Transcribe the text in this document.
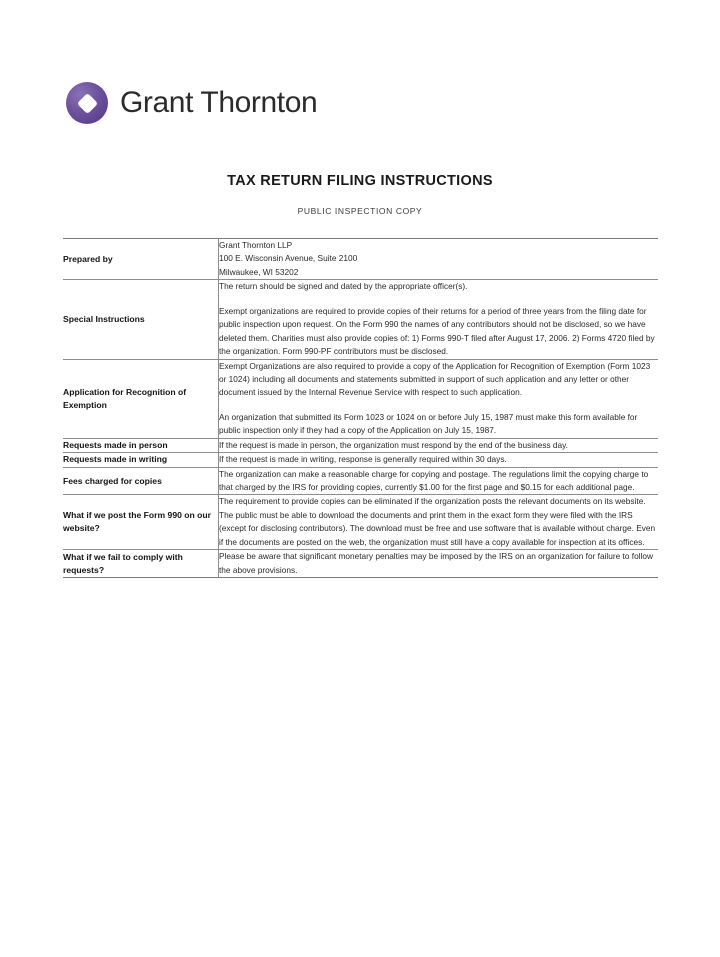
Grant Thornton
TAX RETURN FILING INSTRUCTIONS
PUBLIC INSPECTION COPY
Prepared by	Grant Thornton LLP
100 E. Wisconsin Avenue, Suite 2100
Milwaukee, WI 53202

Special Instructions	The return should be signed and dated by the appropriate officer(s).

Exempt organizations are required to provide copies of their returns for a period of three years from the filing date for public inspection upon request. On the Form 990 the names of any contributors should not be disclosed, so we have deleted them. Charities must also provide copies of: 1) Forms 990-T filed after August 17, 2006. 2) Forms 4720 filed by the organization. Form 990-PF contributors must be disclosed.

Application for Recognition of Exemption	Exempt Organizations are also required to provide a copy of the Application for Recognition of Exemption (Form 1023 or 1024) including all documents and statements submitted in support of such application and any letter or other document issued by the Internal Revenue Service with respect to such application.

An organization that submitted its Form 1023 or 1024 on or before July 15, 1987 must make this form available for public inspection only if they had a copy of the Application on July 15, 1987.

Requests made in person	If the request is made in person, the organization must respond by the end of the business day.

Requests made in writing	If the request is made in writing, response is generally required within 30 days.

Fees charged for copies	The organization can make a reasonable charge for copying and postage. The regulations limit the copying charge to that charged by the IRS for providing copies, currently $1.00 for the first page and $0.15 for each additional page.

What if we post the Form 990 on our website?	The requirement to provide copies can be eliminated if the organization posts the relevant documents on its website. The public must be able to download the documents and print them in the exact form they were filed with the IRS (except for disclosing contributors). The download must be free and use software that is available without charge. Even if the documents are posted on the web, the organization must still have a copy available for inspection at its offices.

What if we fail to comply with requests?	Please be aware that significant monetary penalties may be imposed by the IRS on an organization for failure to follow the above provisions.
